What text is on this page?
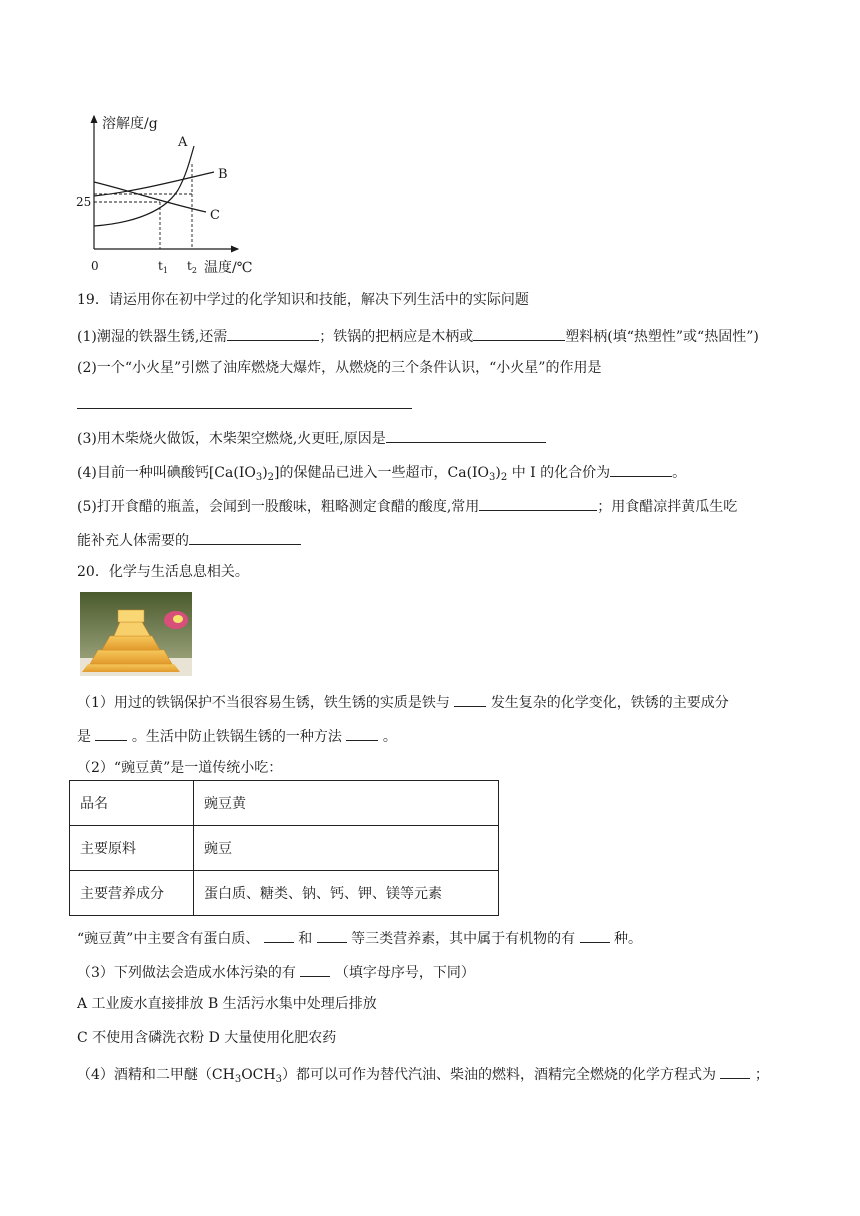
溶解度/g
温度/℃
0
25
$t_1$ $t_2$
A
B
C
19．请运用你在初中学过的化学知识和技能，解决下列生活中的实际问题
(1)潮湿的铁器生锈,还需	；铁锅的把柄应是木柄或	塑料柄(填“热塑性”或“热固性”)
(2)一个“小火星”引燃了油库燃烧大爆炸，从燃烧的三个条件认识，“小火星”的作用是
(3)用木柴烧火做饭，木柴架空燃烧,火更旺,原因是
(4)目前一种叫碘酸钙$[Ca(IO_3)_2]$的保健品已进入一些超市，$Ca(IO_3)_2$ 中 I 的化合价为	。
(5)打开食醋的瓶盖，会闻到一股酸味，粗略测定食醋的酸度,常用	；用食醋凉拌黄瓜生吃
能补充人体需要的
20．化学与生活息息相关。
（1）用过的铁锅保护不当很容易生锈，铁生锈的实质是铁与	发生复杂的化学变化，铁锈的主要成分
是	。生活中防止铁锅生锈的一种方法	。
（2）“豌豆黄”是一道传统小吃：
品名	豌豆黄
主要原料	豌豆
主要营养成分	蛋白质、糖类、钠、钙、钾、镁等元素
“豌豆黄”中主要含有蛋白质、	和	等三类营养素，其中属于有机物的有	种。
（3）下列做法会造成水体污染的有	（填字母序号，下同）
A 工业废水直接排放 B 生活污水集中处理后排放
C 不使用含磷洗衣粉 D 大量使用化肥农药
（4）酒精和二甲醚$(CH_3OCH_3)$都可以可作为替代汽油、柴油的燃料，酒精完全燃烧的化学方程式为	；
